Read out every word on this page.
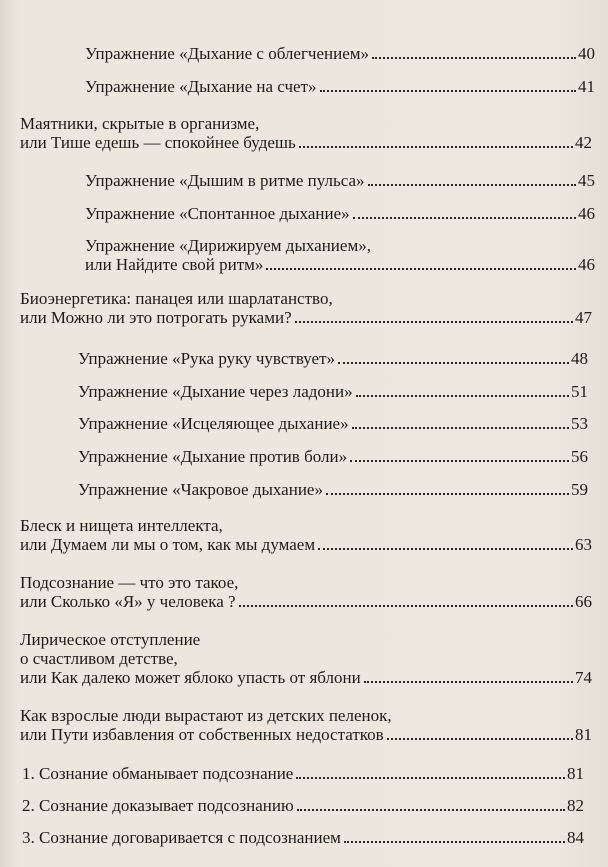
Упражнение «Дыхание с облегчением»	40
Упражнение «Дыхание на счет»	41
Маятники, скрытые в организме,
или Тише едешь — спокойнее будешь	42
Упражнение «Дышим в ритме пульса»	45
Упражнение «Спонтанное дыхание»	46
Упражнение «Дирижируем дыханием»,
или Найдите свой ритм»	46
Биоэнергетика: панацея или шарлатанство,
или Можно ли это потрогать руками?	47
Упражнение «Рука руку чувствует»	48
Упражнение «Дыхание через ладони»	51
Упражнение «Исцеляющее дыхание»	53
Упражнение «Дыхание против боли»	56
Упражнение «Чакровое дыхание»	59
Блеск и нищета интеллекта,
или Думаем ли мы о том, как мы думаем	63
Подсознание — что это такое,
или Сколько «Я» у человека ?	66
Лирическое отступление
о счастливом детстве,
или Как далеко может яблоко упасть от яблони	74
Как взрослые люди вырастают из детских пеленок,
или Пути избавления от собственных недостатков	81
1. Сознание обманывает подсознание	81
2. Сознание доказывает подсознанию	82
3. Сознание договаривается с подсознанием	84
